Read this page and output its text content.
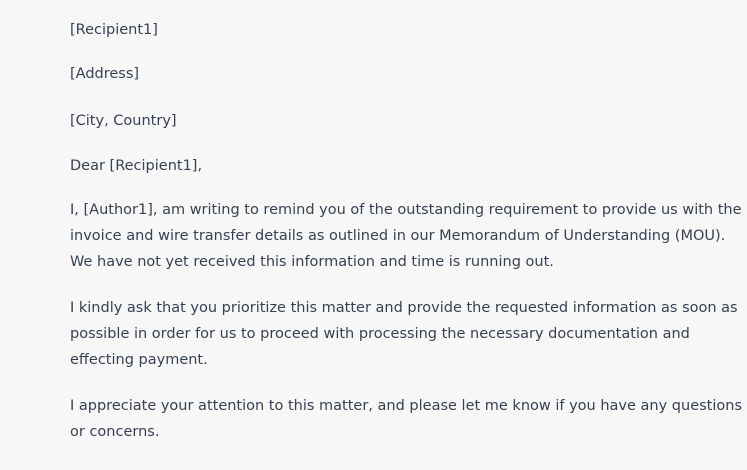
[Recipient1]

[Address]

[City, Country]

Dear [Recipient1],

I, [Author1], am writing to remind you of the outstanding requirement to provide us with the
invoice and wire transfer details as outlined in our Memorandum of Understanding (MOU).
We have not yet received this information and time is running out.
I kindly ask that you prioritize this matter and provide the requested information as soon as
possible in order for us to proceed with processing the necessary documentation and
effecting payment.
I appreciate your attention to this matter, and please let me know if you have any questions
or concerns.
